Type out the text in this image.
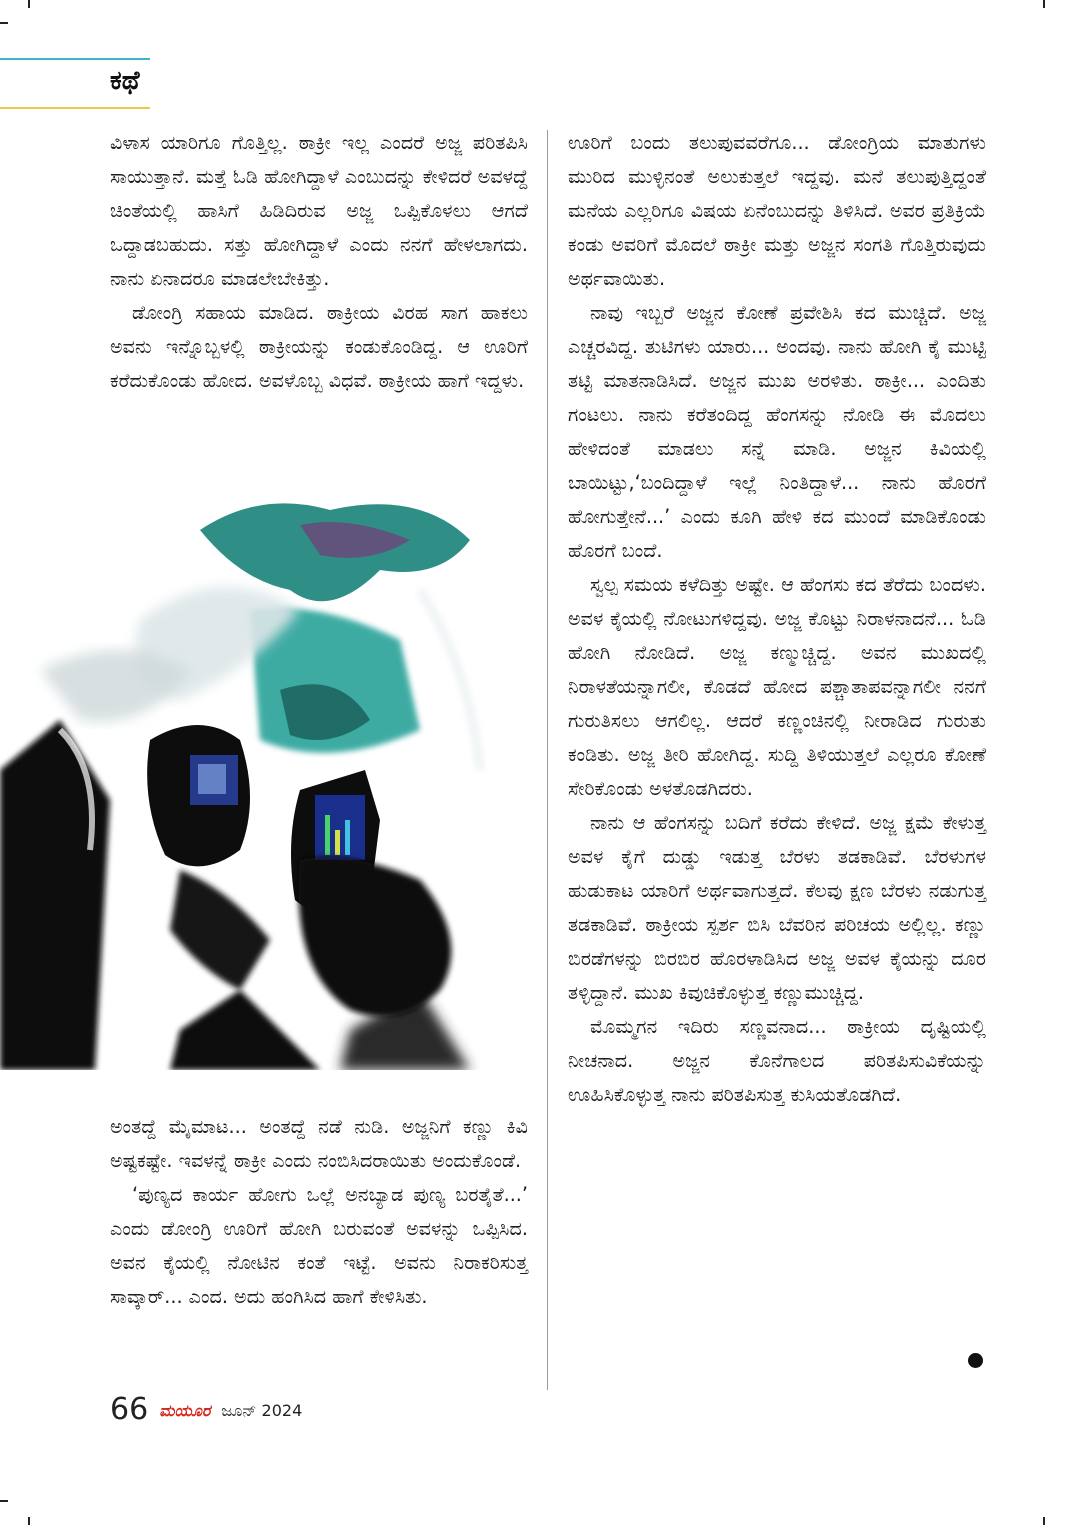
ಕಥೆ

ವಿಳಾಸ ಯಾರಿಗೂ ಗೊತ್ತಿಲ್ಲ. ಠಾಕ್ರೀ ಇಲ್ಲ ಎಂದರೆ ಅಜ್ಜ ಪರಿತಪಿಸಿ ಸಾಯುತ್ತಾನೆ. ಮತ್ತೆ ಓಡಿ ಹೋಗಿದ್ದಾಳೆ ಎಂಬುದನ್ನು ಕೇಳಿದರೆ ಅವಳದ್ದೆ ಚಿಂತೆಯಲ್ಲಿ ಹಾಸಿಗೆ ಹಿಡಿದಿರುವ ಅಜ್ಜ ಒಪ್ಪಿಕೊಳಲು ಆಗದೆ ಒದ್ದಾಡಬಹುದು. ಸತ್ತು ಹೋಗಿದ್ದಾಳೆ ಎಂದು ನನಗೆ ಹೇಳಲಾಗದು. ನಾನು ಏನಾದರೂ ಮಾಡಲೇಬೇಕಿತ್ತು.

ಡೋಂಗ್ರಿ ಸಹಾಯ ಮಾಡಿದ. ಠಾಕ್ರೀಯ ವಿರಹ ಸಾಗ ಹಾಕಲು ಅವನು ಇನ್ನೊಬ್ಬಳಲ್ಲಿ ಠಾಕ್ರೀಯನ್ನು ಕಂಡುಕೊಂಡಿದ್ದ. ಆ ಊರಿಗೆ ಕರೆದುಕೊಂಡು ಹೋದ. ಅವಳೊಬ್ಬ ವಿಧವೆ. ಠಾಕ್ರೀಯ ಹಾಗೆ ಇದ್ದಳು.

ಅಂತದ್ದೆ ಮೈಮಾಟ... ಅಂತದ್ದೆ ನಡೆ ನುಡಿ. ಅಜ್ಜನಿಗೆ ಕಣ್ಣು ಕಿವಿ ಅಷ್ಟಕಷ್ಟೇ. ಇವಳನ್ನೆ ಠಾಕ್ರೀ ಎಂದು ನಂಬಿಸಿದರಾಯಿತು ಅಂದುಕೊಂಡೆ.

‘ಪುಣ್ಯದ ಕಾರ್ಯ ಹೋಗು ಒಲ್ಲೆ ಅನಬ್ಯಾಡ ಪುಣ್ಯ ಬರತೈತೆ...’ ಎಂದು ಡೋಂಗ್ರಿ ಊರಿಗೆ ಹೋಗಿ ಬರುವಂತೆ ಅವಳನ್ನು ಒಪ್ಪಿಸಿದ. ಅವನ ಕೈಯಲ್ಲಿ ನೋಟಿನ ಕಂತೆ ಇಟ್ಟೆ. ಅವನು ನಿರಾಕರಿಸುತ್ತ ಸಾವ್ಕಾರ್... ಎಂದ. ಅದು ಹಂಗಿಸಿದ ಹಾಗೆ ಕೇಳಿಸಿತು.

ಊರಿಗೆ ಬಂದು ತಲುಪುವವರೆಗೂ... ಡೋಂಗ್ರಿಯ ಮಾತುಗಳು ಮುರಿದ ಮುಳ್ಳಿನಂತೆ ಅಲುಕುತ್ತಲೆ ಇದ್ದವು. ಮನೆ ತಲುಪುತ್ತಿದ್ದಂತೆ ಮನೆಯ ಎಲ್ಲರಿಗೂ ವಿಷಯ ಏನೆಂಬುದನ್ನು ತಿಳಿಸಿದೆ. ಅವರ ಪ್ರತಿಕ್ರಿಯೆ ಕಂಡು ಅವರಿಗೆ ಮೊದಲೆ ಠಾಕ್ರೀ ಮತ್ತು ಅಜ್ಜನ ಸಂಗತಿ ಗೊತ್ತಿರುವುದು ಅರ್ಥವಾಯಿತು.

ನಾವು ಇಬ್ಬರೆ ಅಜ್ಜನ ಕೋಣೆ ಪ್ರವೇಶಿಸಿ ಕದ ಮುಚ್ಚಿದೆ. ಅಜ್ಜ ಎಚ್ಚರವಿದ್ದ. ತುಟಿಗಳು ಯಾರು... ಅಂದವು. ನಾನು ಹೋಗಿ ಕೈ ಮುಟ್ಟಿ ತಟ್ಟಿ ಮಾತನಾಡಿಸಿದೆ. ಅಜ್ಜನ ಮುಖ ಅರಳಿತು. ಠಾಕ್ರೀ... ಎಂದಿತು ಗಂಟಲು. ನಾನು ಕರೆತಂದಿದ್ದ ಹೆಂಗಸನ್ನು ನೋಡಿ ಈ ಮೊದಲು ಹೇಳಿದಂತೆ ಮಾಡಲು ಸನ್ನೆ ಮಾಡಿ. ಅಜ್ಜನ ಕಿವಿಯಲ್ಲಿ ಬಾಯಿಟ್ಟು,‘ಬಂದಿದ್ದಾಳೆ ಇಲ್ಲೆ ನಿಂತಿದ್ದಾಳೆ... ನಾನು ಹೊರಗೆ ಹೋಗುತ್ತೇನೆ...’ ಎಂದು ಕೂಗಿ ಹೇಳಿ ಕದ ಮುಂದೆ ಮಾಡಿಕೊಂಡು ಹೊರಗೆ ಬಂದೆ.

ಸ್ವಲ್ಪ ಸಮಯ ಕಳೆದಿತ್ತು ಅಷ್ಟೇ. ಆ ಹೆಂಗಸು ಕದ ತೆರೆದು ಬಂದಳು. ಅವಳ ಕೈಯಲ್ಲಿ ನೋಟುಗಳಿದ್ದವು. ಅಜ್ಜ ಕೊಟ್ಟು ನಿರಾಳನಾದನೆ... ಓಡಿ ಹೋಗಿ ನೋಡಿದೆ. ಅಜ್ಜ ಕಣ್ಮುಚ್ಚಿದ್ದ. ಅವನ ಮುಖದಲ್ಲಿ ನಿರಾಳತೆಯನ್ನಾಗಲೀ, ಕೊಡದೆ ಹೋದ ಪಶ್ಚಾತಾಪವನ್ನಾಗಲೀ ನನಗೆ ಗುರುತಿಸಲು ಆಗಲಿಲ್ಲ. ಆದರೆ ಕಣ್ಣಂಚಿನಲ್ಲಿ ನೀರಾಡಿದ ಗುರುತು ಕಂಡಿತು. ಅಜ್ಜ ತೀರಿ ಹೋಗಿದ್ದ. ಸುದ್ದಿ ತಿಳಿಯುತ್ತಲೆ ಎಲ್ಲರೂ ಕೋಣೆ ಸೇರಿಕೊಂಡು ಅಳತೊಡಗಿದರು.

ನಾನು ಆ ಹೆಂಗಸನ್ನು ಬದಿಗೆ ಕರೆದು ಕೇಳಿದೆ. ಅಜ್ಜ ಕ್ಷಮೆ ಕೇಳುತ್ತ ಅವಳ ಕೈಗೆ ದುಡ್ಡು ಇಡುತ್ತ ಬೆರಳು ತಡಕಾಡಿವೆ. ಬೆರಳುಗಳ ಹುಡುಕಾಟ ಯಾರಿಗೆ ಅರ್ಥವಾಗುತ್ತದೆ. ಕೆಲವು ಕ್ಷಣ ಬೆರಳು ನಡುಗುತ್ತ ತಡಕಾಡಿವೆ. ಠಾಕ್ರೀಯ ಸ್ಪರ್ಶ ಬಿಸಿ ಬೆವರಿನ ಪರಿಚಯ ಅಲ್ಲಿಲ್ಲ. ಕಣ್ಣು ಬಿರಡೆಗಳನ್ನು ಬಿರಬಿರ ಹೊರಳಾಡಿಸಿದ ಅಜ್ಜ ಅವಳ ಕೈಯನ್ನು ದೂರ ತಳ್ಳಿದ್ದಾನೆ. ಮುಖ ಕಿವುಚಿಕೊಳ್ಳುತ್ತ ಕಣ್ಣುಮುಚ್ಚಿದ್ದ.

ಮೊಮ್ಮಗನ ಇದಿರು ಸಣ್ಣವನಾದ... ಠಾಕ್ರೀಯ ದೃಷ್ಟಿಯಲ್ಲಿ ನೀಚನಾದ. ಅಜ್ಜನ ಕೊನೆಗಾಲದ ಪರಿತಪಿಸುವಿಕೆಯನ್ನು ಊಹಿಸಿಕೊಳ್ಳುತ್ತ ನಾನು ಪರಿತಪಿಸುತ್ತ ಕುಸಿಯತೊಡಗಿದೆ.

66 ಮಯೂರ ಜೂನ್ 2024
